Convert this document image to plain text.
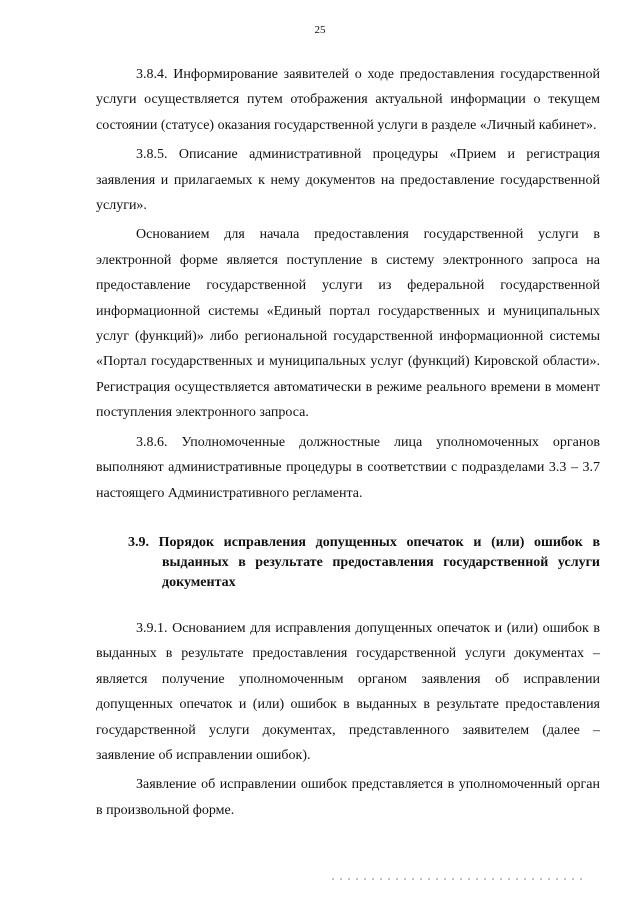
25

3.8.4. Информирование заявителей о ходе предоставления государственной услуги осуществляется путем отображения актуальной информации о текущем состоянии (статусе) оказания государственной услуги в разделе «Личный кабинет».

3.8.5. Описание административной процедуры «Прием и регистрация заявления и прилагаемых к нему документов на предоставление государственной услуги».

Основанием для начала предоставления государственной услуги в электронной форме является поступление в систему электронного запроса на предоставление государственной услуги из федеральной государственной информационной системы «Единый портал государственных и муниципальных услуг (функций)» либо региональной государственной информационной системы «Портал государственных и муниципальных услуг (функций) Кировской области». Регистрация осуществляется автоматически в режиме реального времени в момент поступления электронного запроса.

3.8.6. Уполномоченные должностные лица уполномоченных органов выполняют административные процедуры в соответствии с подразделами 3.3 – 3.7 настоящего Административного регламента.

3.9. Порядок исправления допущенных опечаток и (или) ошибок в выданных в результате предоставления государственной услуги документах

3.9.1. Основанием для исправления допущенных опечаток и (или) ошибок в выданных в результате предоставления государственной услуги документах – является получение уполномоченным органом заявления об исправлении допущенных опечаток и (или) ошибок в выданных в результате предоставления государственной услуги документах, представленного заявителем (далее – заявление об исправлении ошибок).

Заявление об исправлении ошибок представляется в уполномоченный орган в произвольной форме.
